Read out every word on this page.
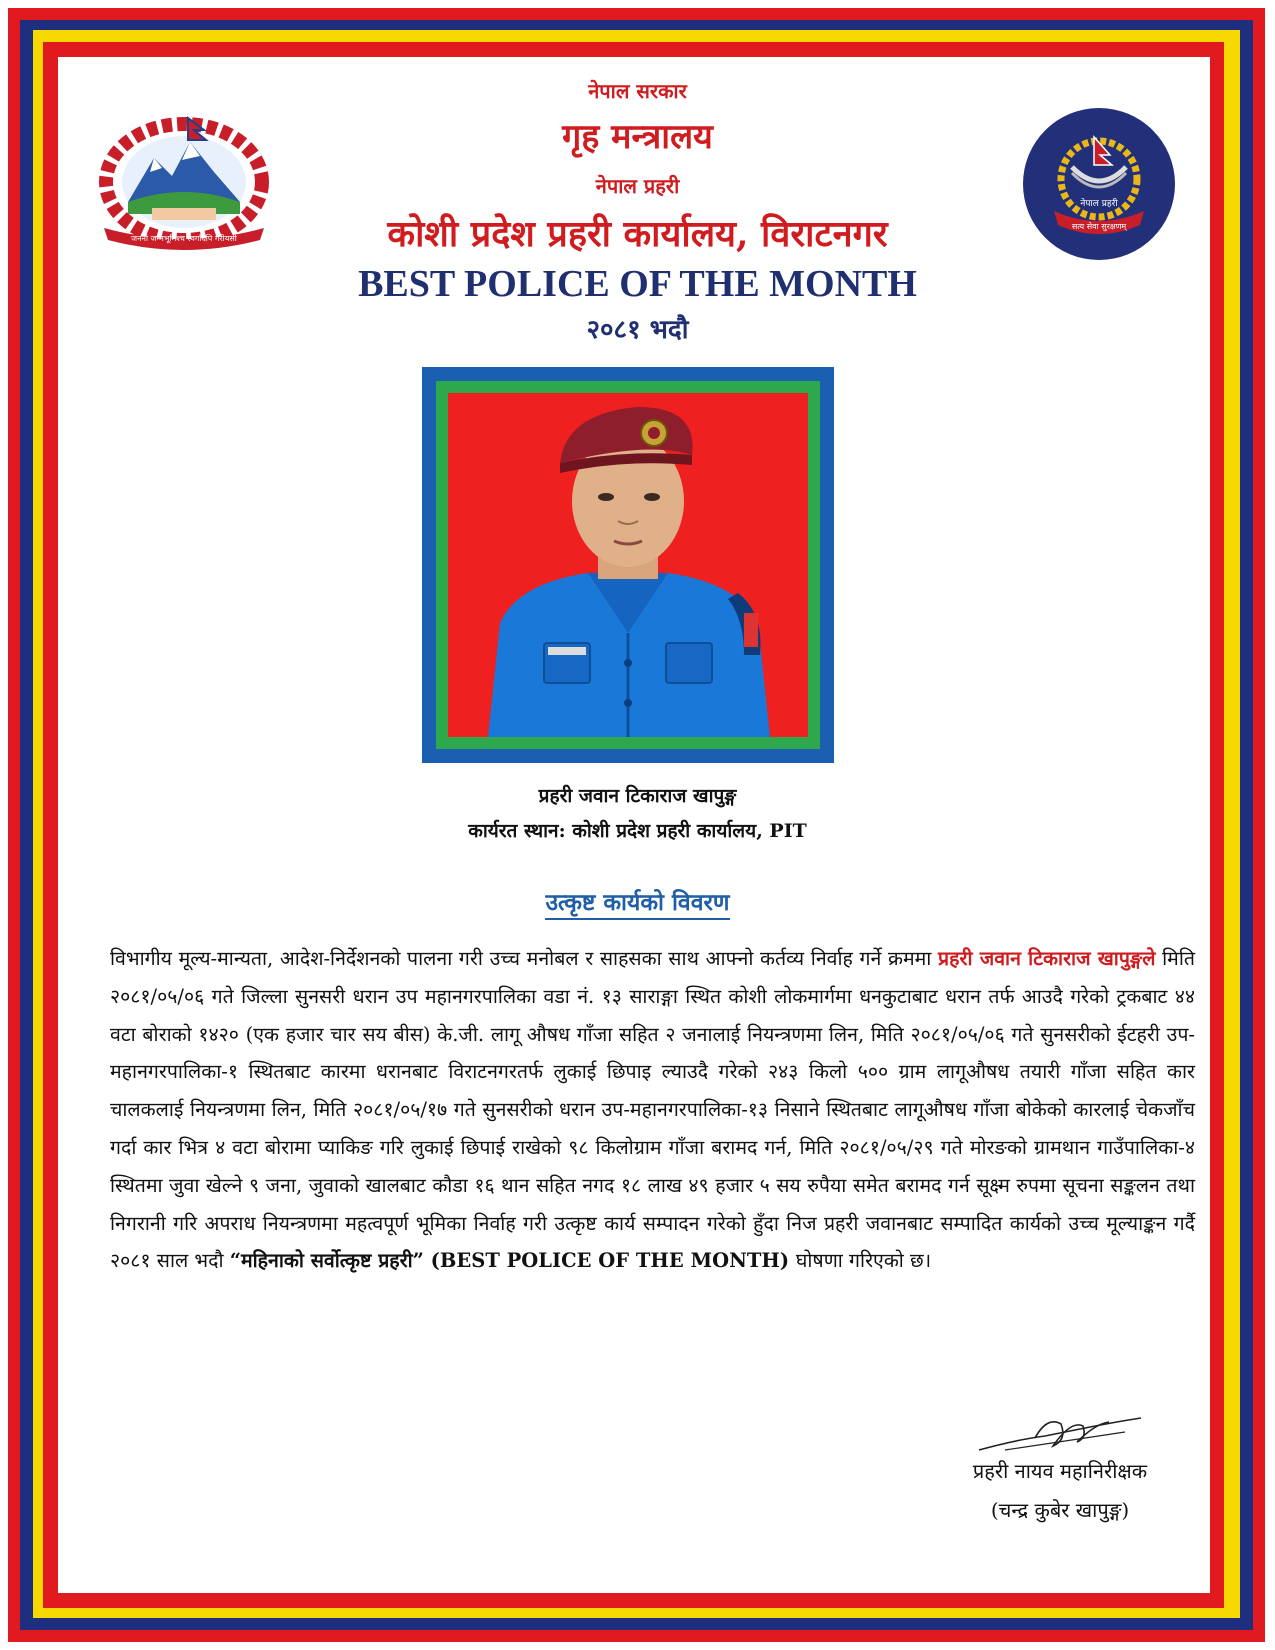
जननी जन्मभूमिश्च स्वर्गादपि गरीयसी
नेपाल प्रहरी
सत्य सेवा सुरक्षणम्
नेपाल सरकार
गृह मन्त्रालय
नेपाल प्रहरी
कोशी प्रदेश प्रहरी कार्यालय, विराटनगर
BEST POLICE OF THE MONTH
२०८१ भदौ
प्रहरी जवान टिकाराज खापुङ्ग
कार्यरत स्थान: कोशी प्रदेश प्रहरी कार्यालय, PIT
उत्कृष्ट कार्यको विवरण
विभागीय मूल्य-मान्यता, आदेश-निर्देशनको पालना गरी उच्च मनोबल र साहसका साथ आफ्नो कर्तव्य निर्वाह गर्ने क्रममा प्रहरी जवान टिकाराज खापुङ्गले मिति २०८१/०५/०६ गते जिल्ला सुनसरी धरान उप महानगरपालिका वडा नं. १३ साराङ्गा स्थित कोशी लोकमार्गमा धनकुटाबाट धरान तर्फ आउदै गरेको ट्रकबाट ४४ वटा बोराको १४२० (एक हजार चार सय बीस) के.जी. लागू औषध गाँजा सहित २ जनालाई नियन्त्रणमा लिन, मिति २०८१/०५/०६ गते सुनसरीको ईटहरी उप-महानगरपालिका-१ स्थितबाट कारमा धरानबाट विराटनगरतर्फ लुकाई छिपाइ ल्याउदै गरेको २४३ किलो ५०० ग्राम लागूऔषध तयारी गाँजा सहित कार चालकलाई नियन्त्रणमा लिन, मिति २०८१/०५/१७ गते सुनसरीको धरान उप-महानगरपालिका-१३ निसाने स्थितबाट लागूऔषध गाँजा बोकेको कारलाई चेकजाँच गर्दा कार भित्र ४ वटा बोरामा प्याकिङ गरि लुकाई छिपाई राखेको ९८ किलोग्राम गाँजा बरामद गर्न, मिति २०८१/०५/२९ गते मोरङको ग्रामथान गाउँपालिका-४ स्थितमा जुवा खेल्ने ९ जना, जुवाको खालबाट कौडा १६ थान सहित नगद १८ लाख ४९ हजार ५ सय रुपैया समेत बरामद गर्न सूक्ष्म रुपमा सूचना सङ्कलन तथा निगरानी गरि अपराध नियन्त्रणमा महत्वपूर्ण भूमिका निर्वाह गरी उत्कृष्ट कार्य सम्पादन गरेको हुँदा निज प्रहरी जवानबाट सम्पादित कार्यको उच्च मूल्याङ्कन गर्दै २०८१ साल भदौ “महिनाको सर्वोत्कृष्ट प्रहरी” (BEST POLICE OF THE MONTH) घोषणा गरिएको छ।
प्रहरी नायव महानिरीक्षक
(चन्द्र कुबेर खापुङ्ग)
